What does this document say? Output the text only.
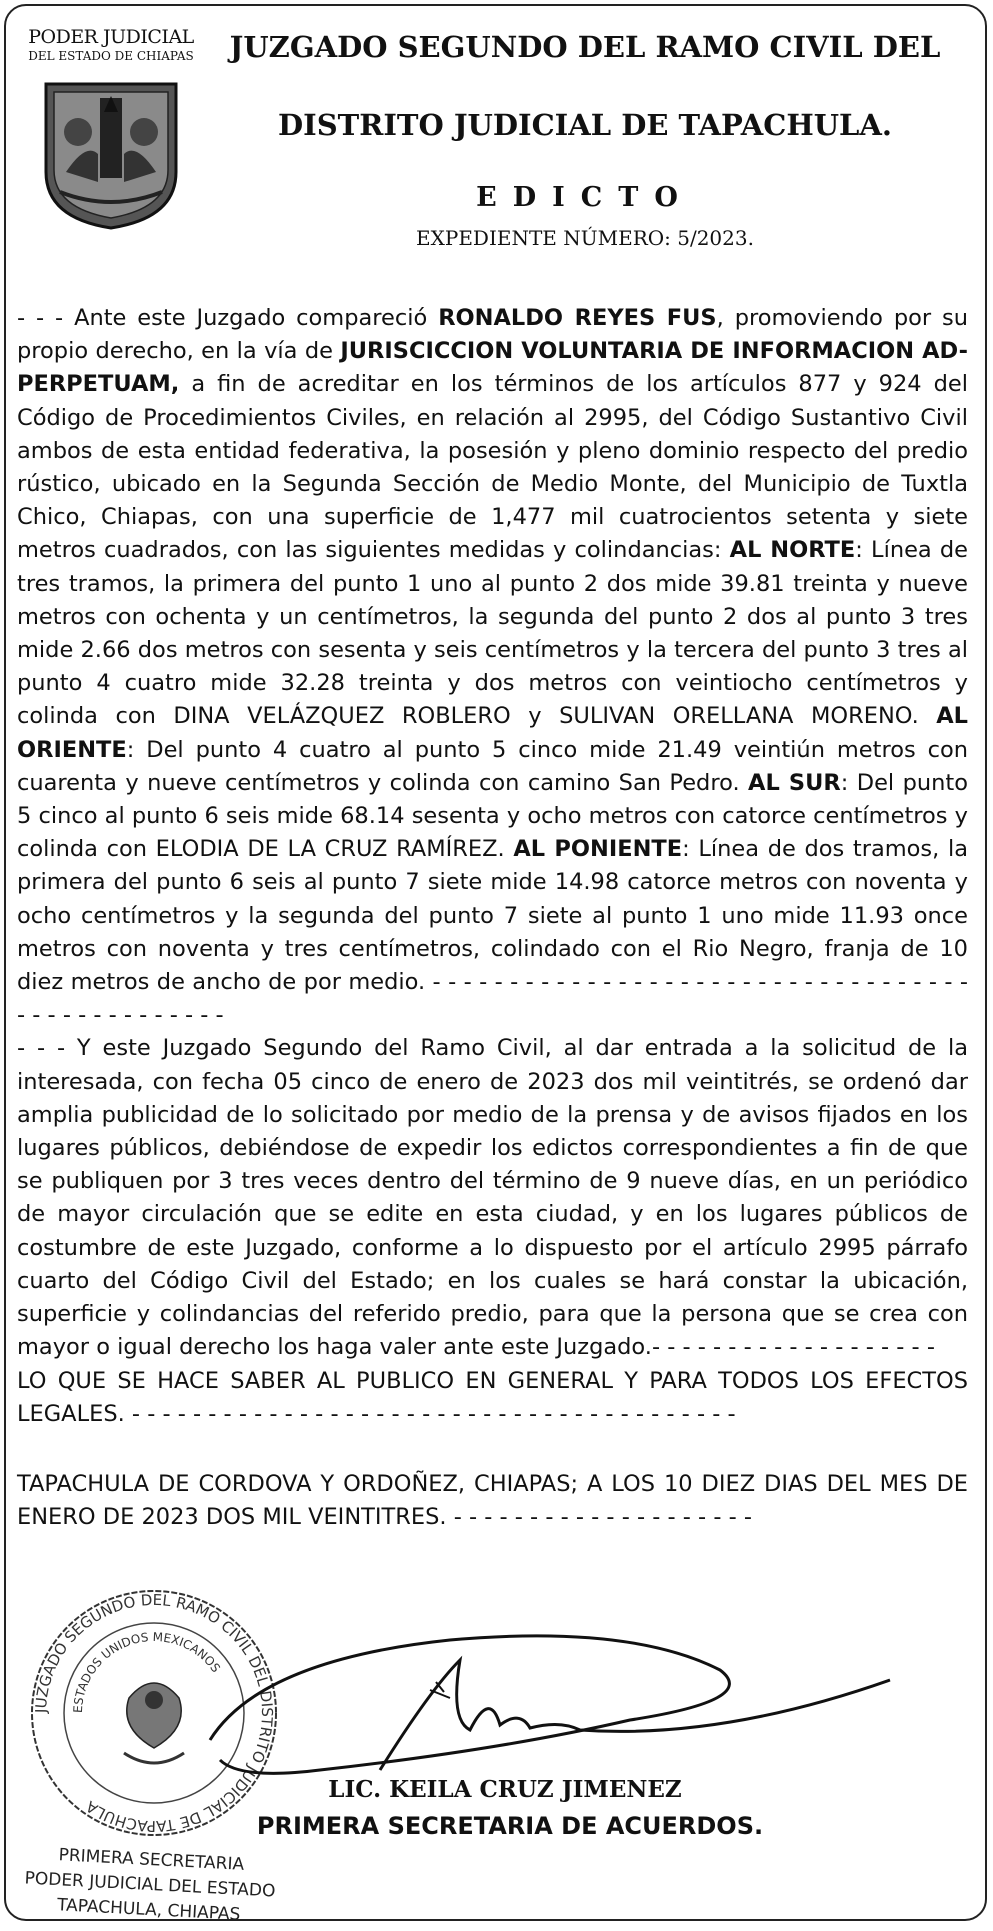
PODER JUDICIAL
DEL ESTADO DE CHIAPAS	JUZGADO SEGUNDO DEL RAMO CIVIL DEL
DISTRITO JUDICIAL DE TAPACHULA.
EDICTO
EXPEDIENTE NÚMERO: 5/2023.

- - - Ante este Juzgado compareció RONALDO REYES FUS, promoviendo por su propio derecho, en la vía de JURISCICCION VOLUNTARIA DE INFORMACION AD-PERPETUAM, a fin de acreditar en los términos de los artículos 877 y 924 del Código de Procedimientos Civiles, en relación al 2995, del Código Sustantivo Civil ambos de esta entidad federativa, la posesión y pleno dominio respecto del predio rústico, ubicado en la Segunda Sección de Medio Monte, del Municipio de Tuxtla Chico, Chiapas, con una superficie de 1,477 mil cuatrocientos setenta y siete metros cuadrados, con las siguientes medidas y colindancias: AL NORTE: Línea de tres tramos, la primera del punto 1 uno al punto 2 dos mide 39.81 treinta y nueve metros con ochenta y un centímetros, la segunda del punto 2 dos al punto 3 tres mide 2.66 dos metros con sesenta y seis centímetros y la tercera del punto 3 tres al punto 4 cuatro mide 32.28 treinta y dos metros con veintiocho centímetros y colinda con DINA VELÁZQUEZ ROBLERO y SULIVAN ORELLANA MORENO. AL ORIENTE: Del punto 4 cuatro al punto 5 cinco mide 21.49 veintiún metros con cuarenta y nueve centímetros y colinda con camino San Pedro. AL SUR: Del punto 5 cinco al punto 6 seis mide 68.14 sesenta y ocho metros con catorce centímetros y colinda con ELODIA DE LA CRUZ RAMÍREZ. AL PONIENTE: Línea de dos tramos, la primera del punto 6 seis al punto 7 siete mide 14.98 catorce metros con noventa y ocho centímetros y la segunda del punto 7 siete al punto 1 uno mide 11.93 once metros con noventa y tres centímetros, colindado con el Rio Negro, franja de 10 diez metros de ancho de por medio. - - - - - - - - - - - - - - - - - - - - - - - - - - - - - - - - - - - - - - - - - - - - - - - - -

- - - Y este Juzgado Segundo del Ramo Civil, al dar entrada a la solicitud de la interesada, con fecha 05 cinco de enero de 2023 dos mil veintitrés, se ordenó dar amplia publicidad de lo solicitado por medio de la prensa y de avisos fijados en los lugares públicos, debiéndose de expedir los edictos correspondientes a fin de que se publiquen por 3 tres veces dentro del término de 9 nueve días, en un periódico de mayor circulación que se edite en esta ciudad, y en los lugares públicos de costumbre de este Juzgado, conforme a lo dispuesto por el artículo 2995 párrafo cuarto del Código Civil del Estado; en los cuales se hará constar la ubicación, superficie y colindancias del referido predio, para que la persona que se crea con mayor o igual derecho los haga valer ante este Juzgado.- - - - - - - - - - - - - - - - - - -

LO QUE SE HACE SABER AL PUBLICO EN GENERAL Y PARA TODOS LOS EFECTOS LEGALES. - - - - - - - - - - - - - - - - - - - - - - - - - - - - - - - - - - - - - - - -

TAPACHULA DE CORDOVA Y ORDOÑEZ, CHIAPAS; A LOS 10 DIEZ DIAS DEL MES DE ENERO DE 2023 DOS MIL VEINTITRES. - - - - - - - - - - - - - - - - - - - -

JUZGADO SEGUNDO DEL RAMO CIVIL DEL DISTRITO JUDICIAL DE TAPACHULA
ESTADOS UNIDOS MEXICANOS
LIC. KEILA CRUZ JIMENEZ
PRIMERA SECRETARIA DE ACUERDOS.
PRIMERA SECRETARIA
PODER JUDICIAL DEL ESTADO
TAPACHULA, CHIAPAS
